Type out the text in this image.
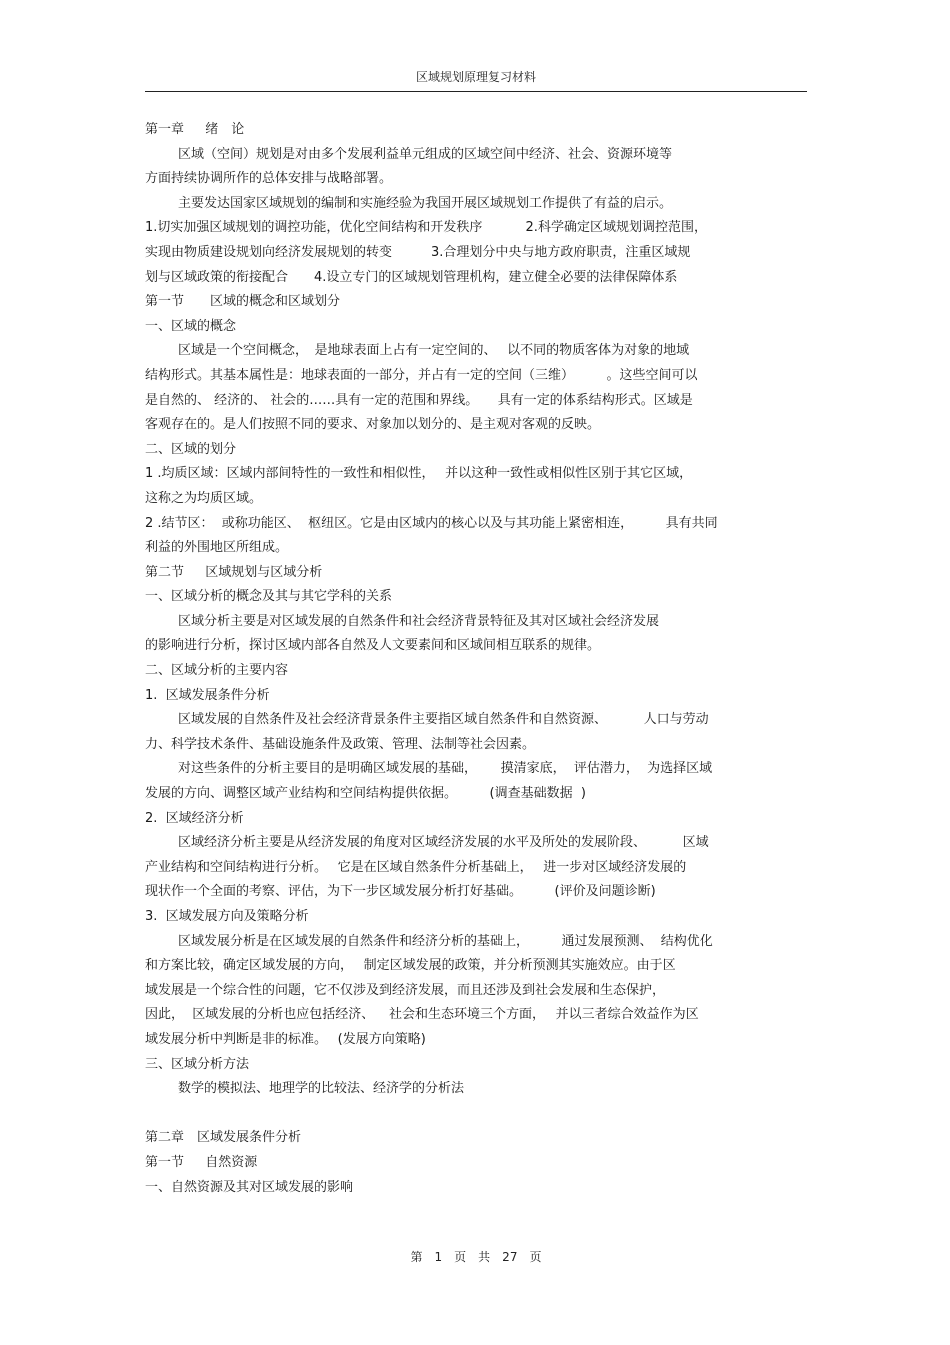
区域规划原理复习材料
第一章　  绪　论
区域（空间）规划是对由多个发展利益单元组成的区域空间中经济、社会、资源环境等
方面持续协调所作的总体安排与战略部署。
主要发达国家区域规划的编制和实施经验为我国开展区域规划工作提供了有益的启示。
1.切实加强区域规划的调控功能，优化空间结构和开发秩序　　　 2.科学确定区域规划调控范围，
实现由物质建设规划向经济发展规划的转变　　　3.合理划分中央与地方政府职责，注重区域规
划与区域政策的衔接配合　　4.设立专门的区域规划管理机构，建立健全必要的法律保障体系
第一节　　区域的概念和区域划分
一、区域的概念
区域是一个空间概念，　是地球表面上占有一定空间的、　 以不同的物质客体为对象的地域
结构形式。其基本属性是：地球表面的一部分，并占有一定的空间（三维）　　　。这些空间可以
是自然的、 经济的、 社会的……具有一定的范围和界线。　　具有一定的体系结构形式。区域是
客观存在的。是人们按照不同的要求、对象加以划分的、是主观对客观的反映。
二、区域的划分
1 .均质区域：区域内部间特性的一致性和相似性，　 并以这种一致性或相似性区别于其它区域，
这称之为均质区域。
2 .结节区：  或称功能区、  枢纽区。它是由区域内的核心以及与其功能上紧密相连，　　　具有共同
利益的外围地区所组成。
第二节　  区域规划与区域分析
一、区域分析的概念及其与其它学科的关系
区域分析主要是对区域发展的自然条件和社会经济背景特征及其对区域社会经济发展
的影响进行分析，探讨区域内部各自然及人文要素间和区域间相互联系的规律。
二、区域分析的主要内容
1.  区域发展条件分析
区域发展的自然条件及社会经济背景条件主要指区域自然条件和自然资源、　　　 人口与劳动
力、科学技术条件、基础设施条件及政策、管理、法制等社会因素。
对这些条件的分析主要目的是明确区域发展的基础，　　 摸清家底，  评估潜力，  为选择区域
发展的方向、调整区域产业结构和空间结构提供依据。　　　(调查基础数据  )
2.  区域经济分析
区域经济分析主要是从经济发展的角度对区域经济发展的水平及所处的发展阶段、　　　 区域
产业结构和空间结构进行分析。　 它是在区域自然条件分析基础上，　 进一步对区域经济发展的
现状作一个全面的考察、评估，为下一步区域发展分析打好基础。　　　(评价及问题诊断)
3.  区域发展方向及策略分析
区域发展分析是在区域发展的自然条件和经济分析的基础上，　　　通过发展预测、  结构优化
和方案比较，确定区域发展的方向，　 制定区域发展的政策，并分析预测其实施效应。由于区
域发展是一个综合性的问题，它不仅涉及到经济发展，而且还涉及到社会发展和生态保护，
因此，  区域发展的分析也应包括经济、　  社会和生态环境三个方面，　 并以三者综合效益作为区
域发展分析中判断是非的标准。　 (发展方向策略)
三、区域分析方法
数学的模拟法、地理学的比较法、经济学的分析法
第二章　区域发展条件分析
第一节　  自然资源
一、自然资源及其对区域发展的影响
第　1　页　共　27　页
